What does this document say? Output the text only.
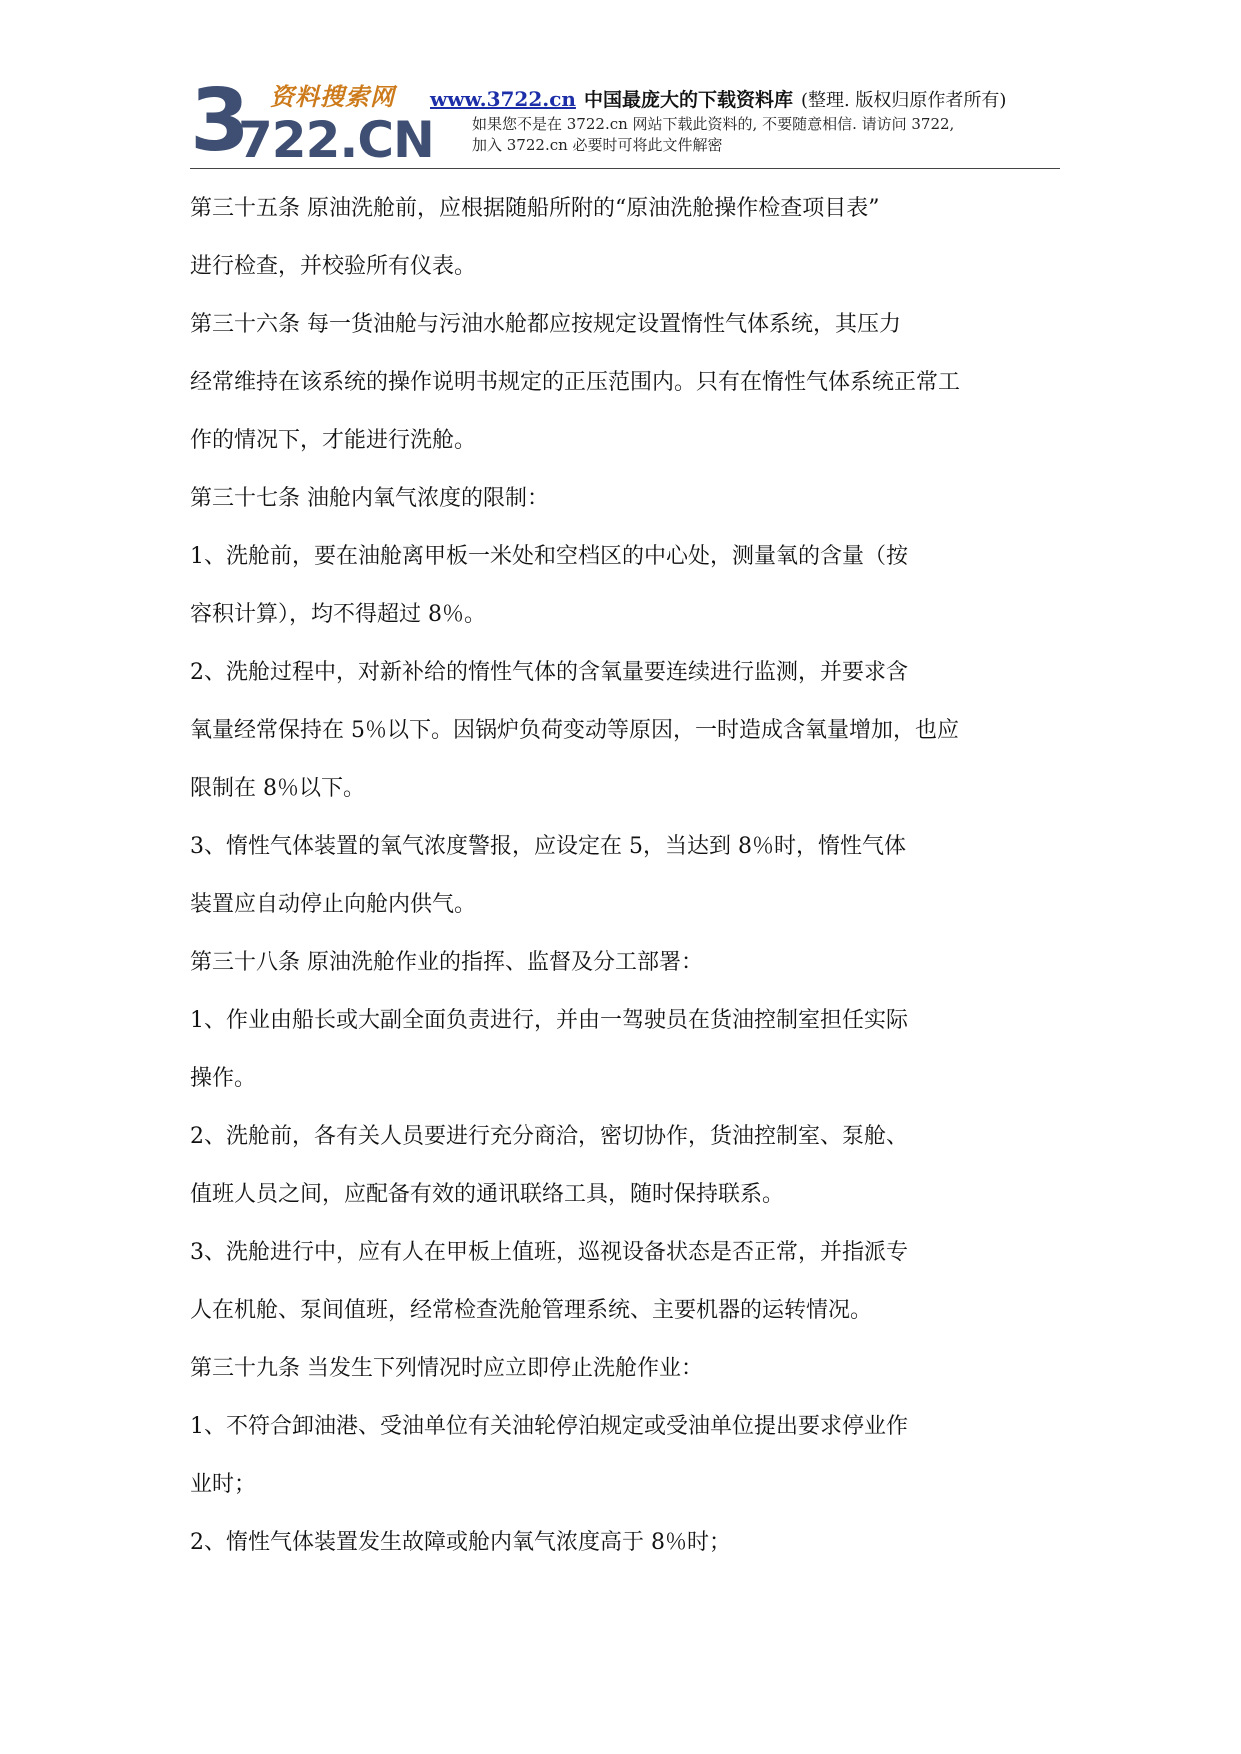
3 资料搜索网
722.CN
www.3722.cn 中国最庞大的下载资料库 (整理. 版权归原作者所有)
如果您不是在 3722.cn 网站下载此资料的, 不要随意相信. 请访问 3722,
加入 3722.cn 必要时可将此文件解密
第三十五条 原油洗舱前，应根据随船所附的“原油洗舱操作检查项目表”
进行检查，并校验所有仪表。
第三十六条 每一货油舱与污油水舱都应按规定设置惰性气体系统，其压力
经常维持在该系统的操作说明书规定的正压范围内。只有在惰性气体系统正常工
作的情况下，才能进行洗舱。
第三十七条 油舱内氧气浓度的限制：
1、洗舱前，要在油舱离甲板一米处和空档区的中心处，测量氧的含量（按
容积计算），均不得超过 8％。
2、洗舱过程中，对新补给的惰性气体的含氧量要连续进行监测，并要求含
氧量经常保持在 5％以下。因锅炉负荷变动等原因，一时造成含氧量增加，也应
限制在 8％以下。
3、惰性气体装置的氧气浓度警报，应设定在 5，当达到 8％时，惰性气体
装置应自动停止向舱内供气。
第三十八条 原油洗舱作业的指挥、监督及分工部署：
1、作业由船长或大副全面负责进行，并由一驾驶员在货油控制室担任实际
操作。
2、洗舱前，各有关人员要进行充分商洽，密切协作，货油控制室、泵舱、
值班人员之间，应配备有效的通讯联络工具，随时保持联系。
3、洗舱进行中，应有人在甲板上值班，巡视设备状态是否正常，并指派专
人在机舱、泵间值班，经常检查洗舱管理系统、主要机器的运转情况。
第三十九条 当发生下列情况时应立即停止洗舱作业：
1、不符合卸油港、受油单位有关油轮停泊规定或受油单位提出要求停业作
业时；
2、惰性气体装置发生故障或舱内氧气浓度高于 8％时；
